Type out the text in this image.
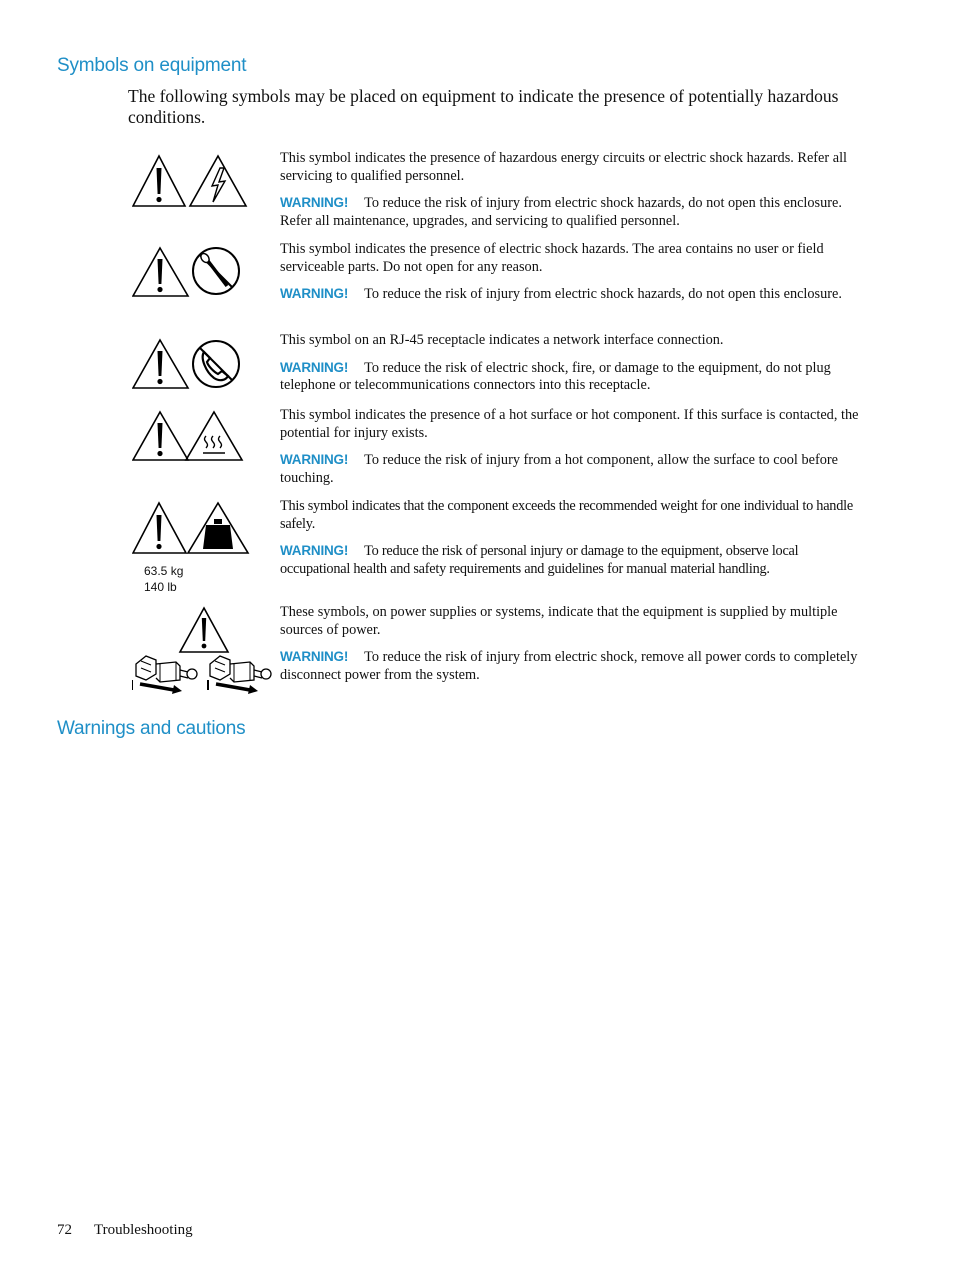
Symbols on equipment

The following symbols may be placed on equipment to indicate the presence of potentially hazardous conditions.

This symbol indicates the presence of hazardous energy circuits or electric shock hazards. Refer all servicing to qualified personnel.

WARNING! To reduce the risk of injury from electric shock hazards, do not open this enclosure. Refer all maintenance, upgrades, and servicing to qualified personnel.

This symbol indicates the presence of electric shock hazards. The area contains no user or field serviceable parts. Do not open for any reason.

WARNING! To reduce the risk of injury from electric shock hazards, do not open this enclosure.

This symbol on an RJ-45 receptacle indicates a network interface connection.

WARNING! To reduce the risk of electric shock, fire, or damage to the equipment, do not plug telephone or telecommunications connectors into this receptacle.

This symbol indicates the presence of a hot surface or hot component. If this surface is contacted, the potential for injury exists.

WARNING! To reduce the risk of injury from a hot component, allow the surface to cool before touching.

63.5 kg
140 lb

This symbol indicates that the component exceeds the recommended weight for one individual to handle safely.

WARNING! To reduce the risk of personal injury or damage to the equipment, observe local occupational health and safety requirements and guidelines for manual material handling.

These symbols, on power supplies or systems, indicate that the equipment is supplied by multiple sources of power.

WARNING! To reduce the risk of injury from electric shock, remove all power cords to completely disconnect power from the system.

Warnings and cautions
72 Troubleshooting
